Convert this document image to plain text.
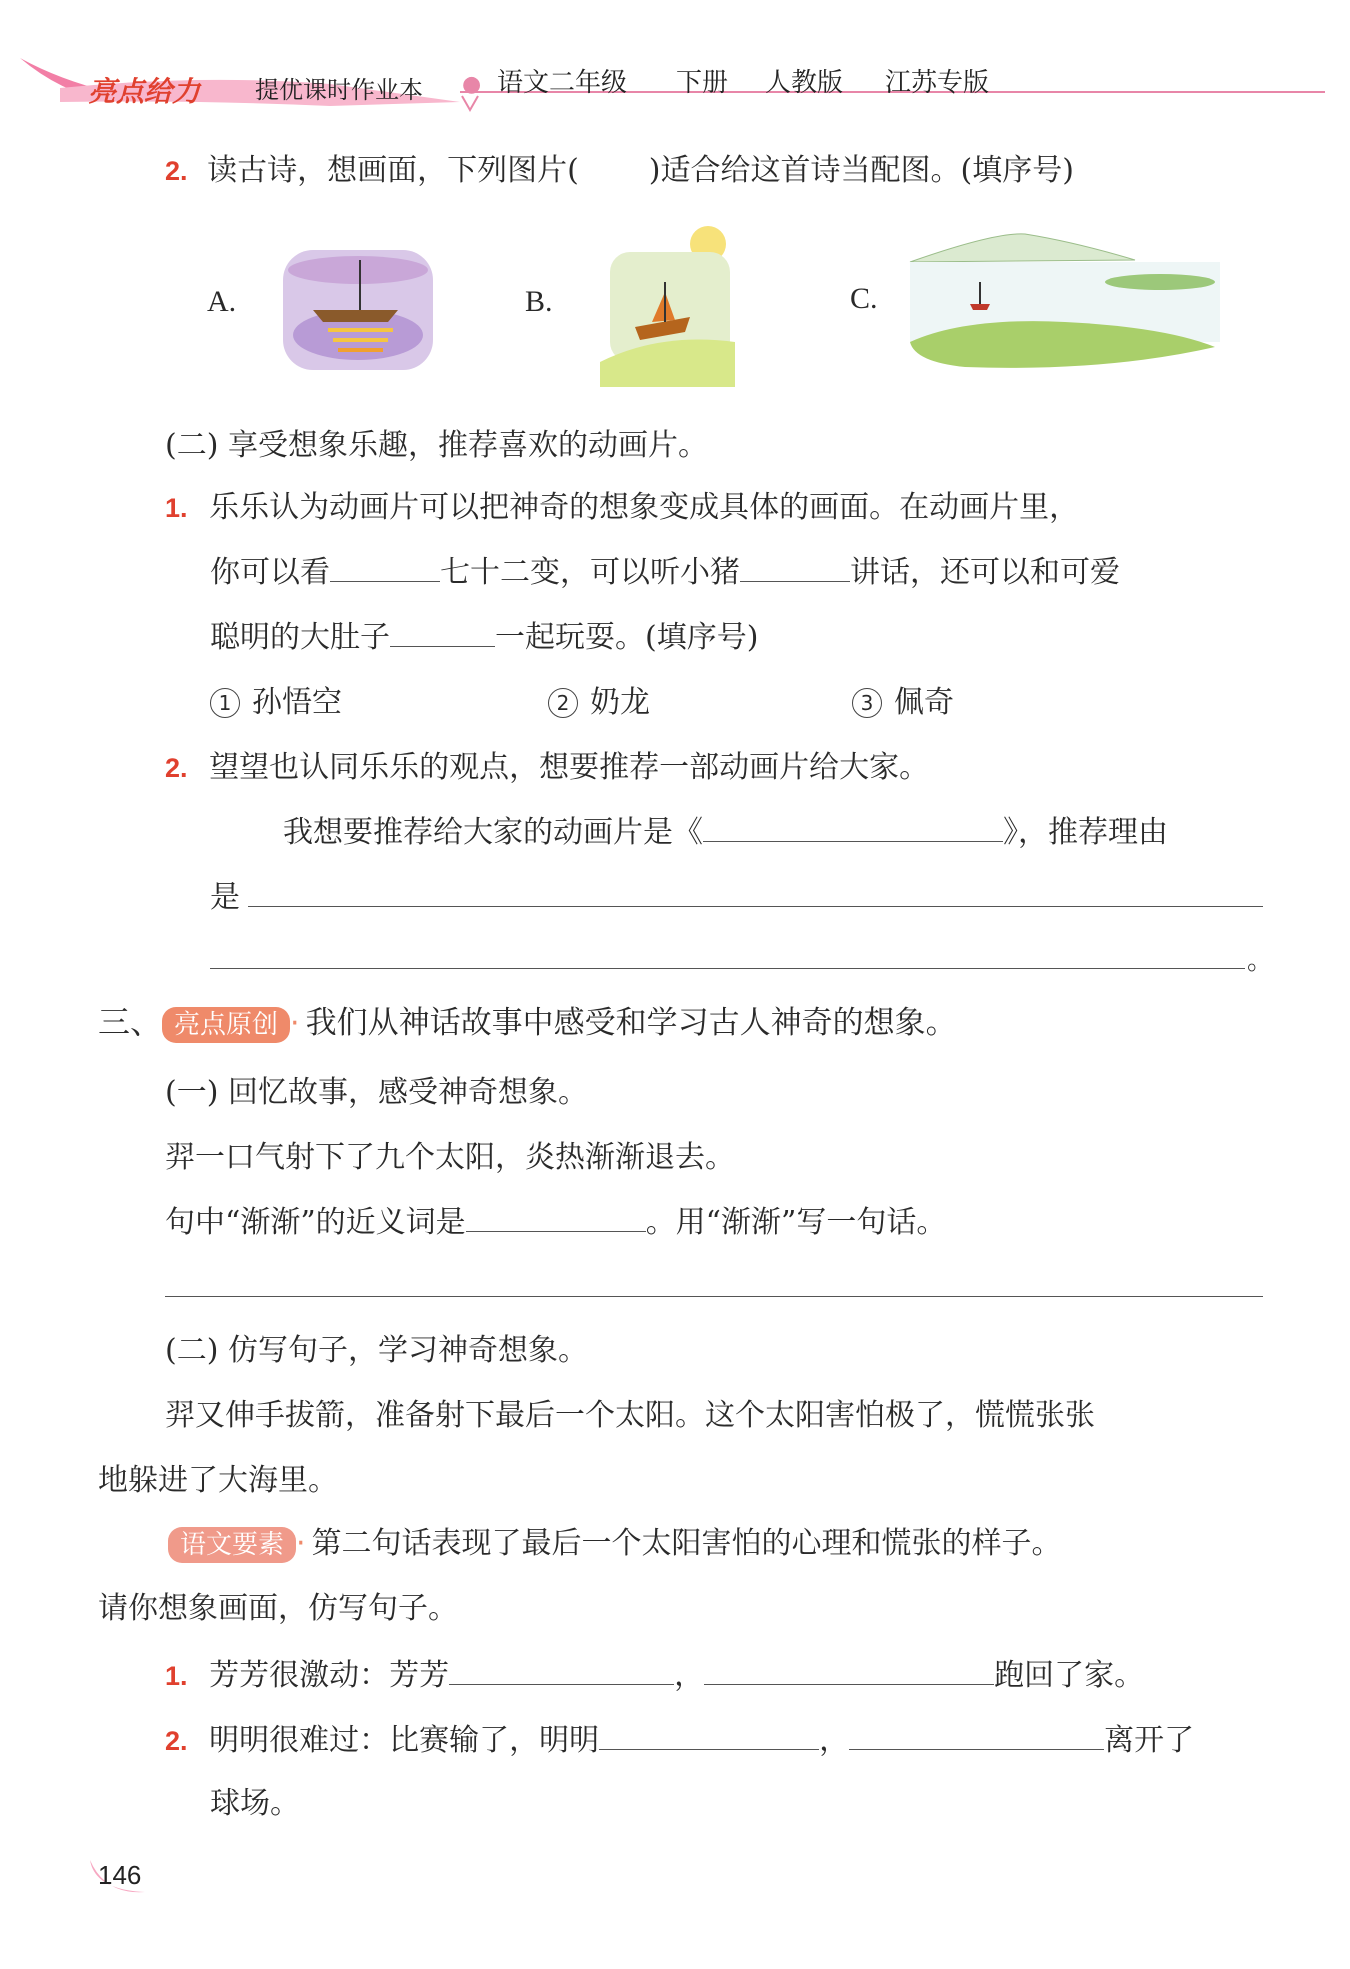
亮点给力 提优课时作业本 ● 语文二年级 下册 人教版 江苏专版
2. 读古诗，想画面，下列图片( )适合给这首诗当配图。(填序号)
A.	B.	C.
(二) 享受想象乐趣，推荐喜欢的动画片。
1. 乐乐认为动画片可以把神奇的想象变成具体的画面。在动画片里，
你可以看	七十二变，可以听小猪	讲话，还可以和可爱
聪明的大肚子	一起玩耍。(填序号)
1 孙悟空	2 奶龙	3 佩奇
2. 望望也认同乐乐的观点，想要推荐一部动画片给大家。
我想要推荐给大家的动画片是《	》，推荐理由
是
。
三、 亮点原创 · 我们从神话故事中感受和学习古人神奇的想象。
(一) 回忆故事，感受神奇想象。
羿一口气射下了九个太阳，炎热渐渐退去。
句中“渐渐”的近义词是	。用“渐渐”写一句话。
(二) 仿写句子，学习神奇想象。
羿又伸手拔箭，准备射下最后一个太阳。这个太阳害怕极了，慌慌张张
地躲进了大海里。
语文要素 · 第二句话表现了最后一个太阳害怕的心理和慌张的样子。
请你想象画面，仿写句子。
1. 芳芳很激动：芳芳	，	跑回了家。
2. 明明很难过：比赛输了，明明	，	离开了
球场。
146
